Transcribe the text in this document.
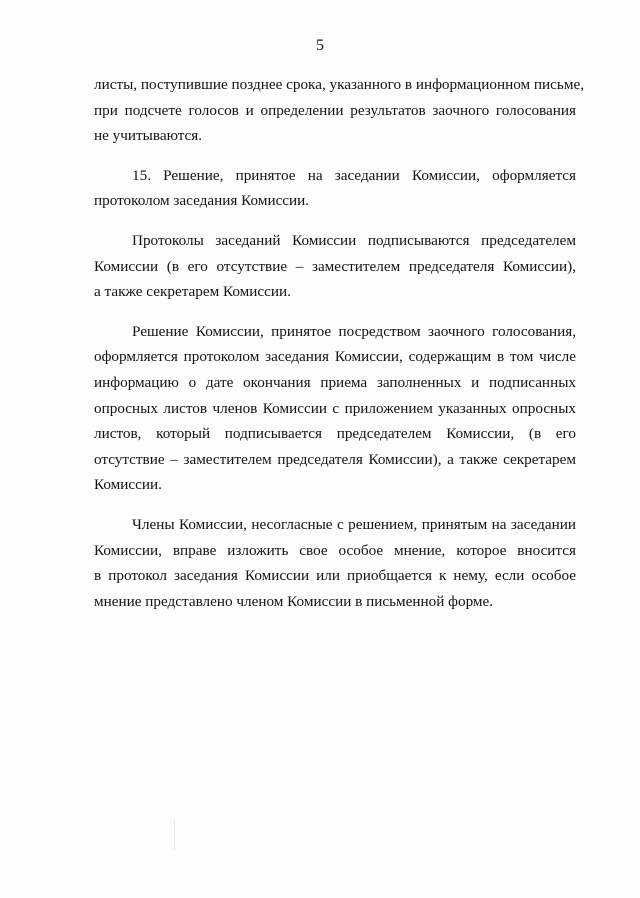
5

листы, поступившие позднее срока, указанного в информационном письме,
при подсчете голосов и определении результатов заочного голосования
не учитываются.

15. Решение, принятое на заседании Комиссии, оформляется
протоколом заседания Комиссии.

Протоколы заседаний Комиссии подписываются председателем
Комиссии (в его отсутствие – заместителем председателя Комиссии),
а также секретарем Комиссии.

Решение Комиссии, принятое посредством заочного голосования,
оформляется протоколом заседания Комиссии, содержащим в том числе
информацию о дате окончания приема заполненных и подписанных
опросных листов членов Комиссии с приложением указанных опросных
листов, который подписывается председателем Комиссии, (в его
отсутствие – заместителем председателя Комиссии), а также секретарем
Комиссии.

Члены Комиссии, несогласные с решением, принятым на заседании
Комиссии, вправе изложить свое особое мнение, которое вносится
в протокол заседания Комиссии или приобщается к нему, если особое
мнение представлено членом Комиссии в письменной форме.
